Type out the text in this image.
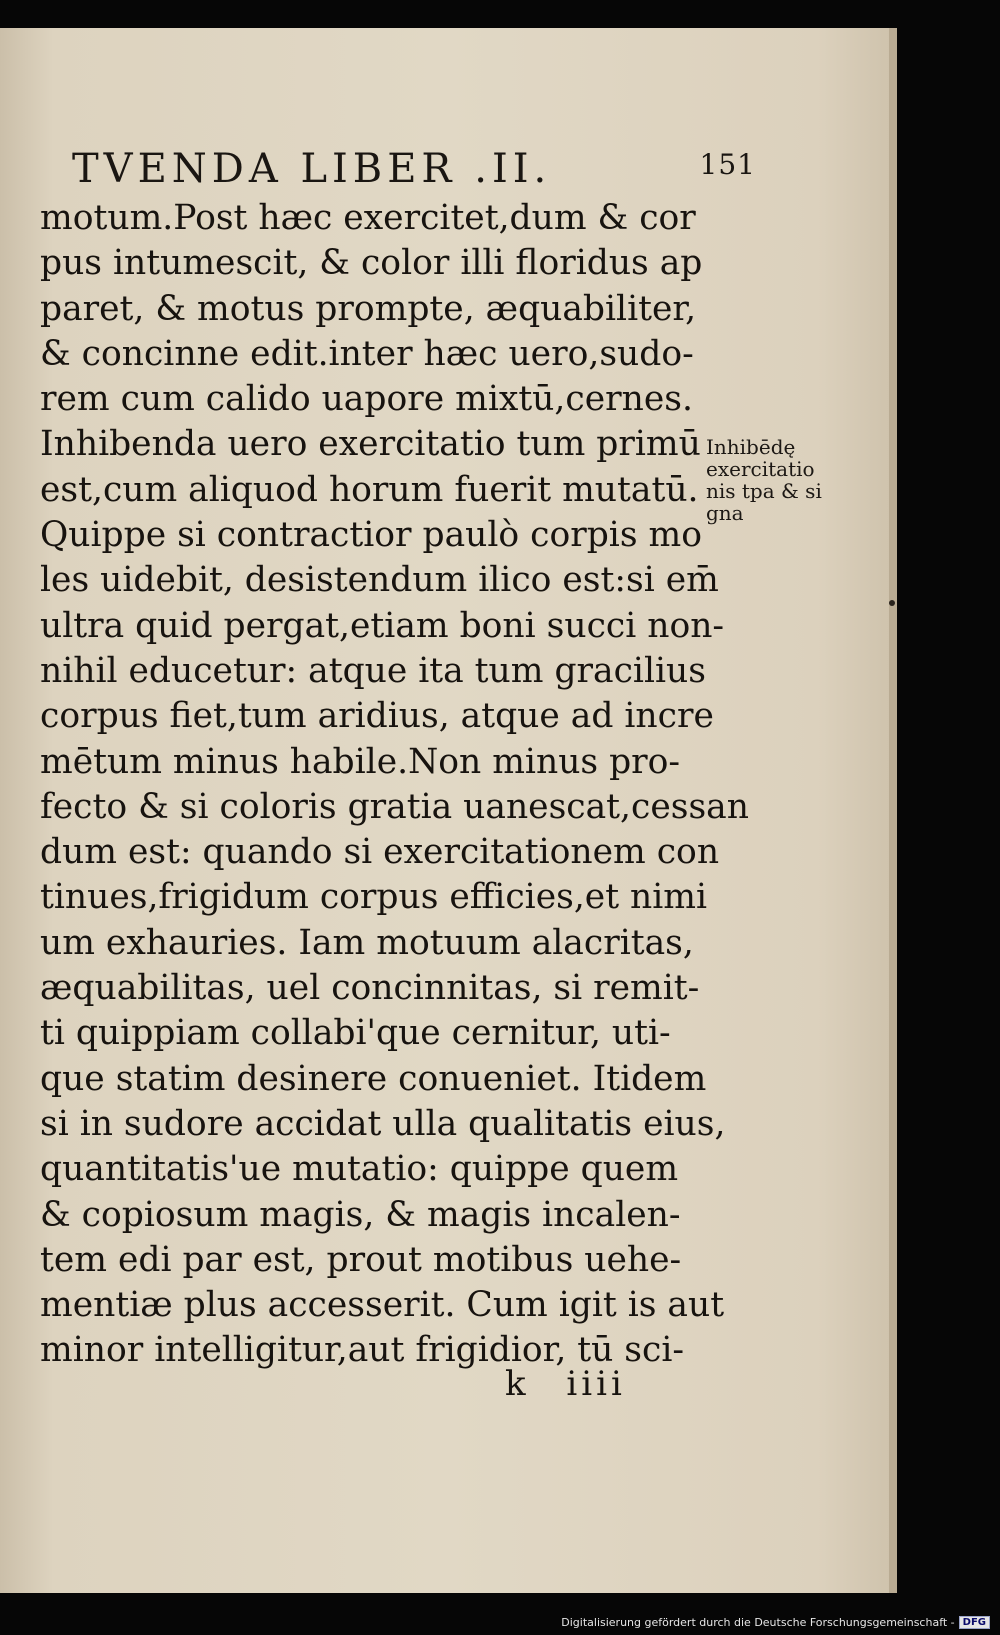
TVENDA LIBER .II.	151
motum.Post hæc exercitet,dum & cor
pus intumescit, & color illi floridus ap
paret, & motus prompte, æquabiliter,
& concinne edit.inter hæc uero,sudo-
rem cum calido uapore mixtū,cernes.
Inhibenda uero exercitatio tum primū
est,cum aliquod horum fuerit mutatū.
Quippe si contractior paulò corpis mo
les uidebit, desistendum ilico est:si em̄
ultra quid pergat,etiam boni succi non-
nihil educetur: atque ita tum gracilius
corpus fiet,tum aridius, atque ad incre
mētum minus habile.Non minus pro-
fecto & si coloris gratia uanescat,cessan
dum est: quando si exercitationem con
tinues,frigidum corpus efficies,et nimi
um exhauries. Iam motuum alacritas,
æquabilitas, uel concinnitas, si remit-
ti quippiam collabi'que cernitur, uti-
que statim desinere conueniet. Itidem
si in sudore accidat ulla qualitatis eius,
quantitatis'ue mutatio: quippe quem
& copiosum magis, & magis incalen-
tem edi par est, prout motibus uehe-
mentiæ plus accesserit. Cum igit is aut
minor intelligitur,aut frigidior, tū sci-
Inhibēdę
exercitatio
nis tpa & si
gna
k iiii
Digitalisierung gefördert durch die Deutsche Forschungsgemeinschaft - DFG
